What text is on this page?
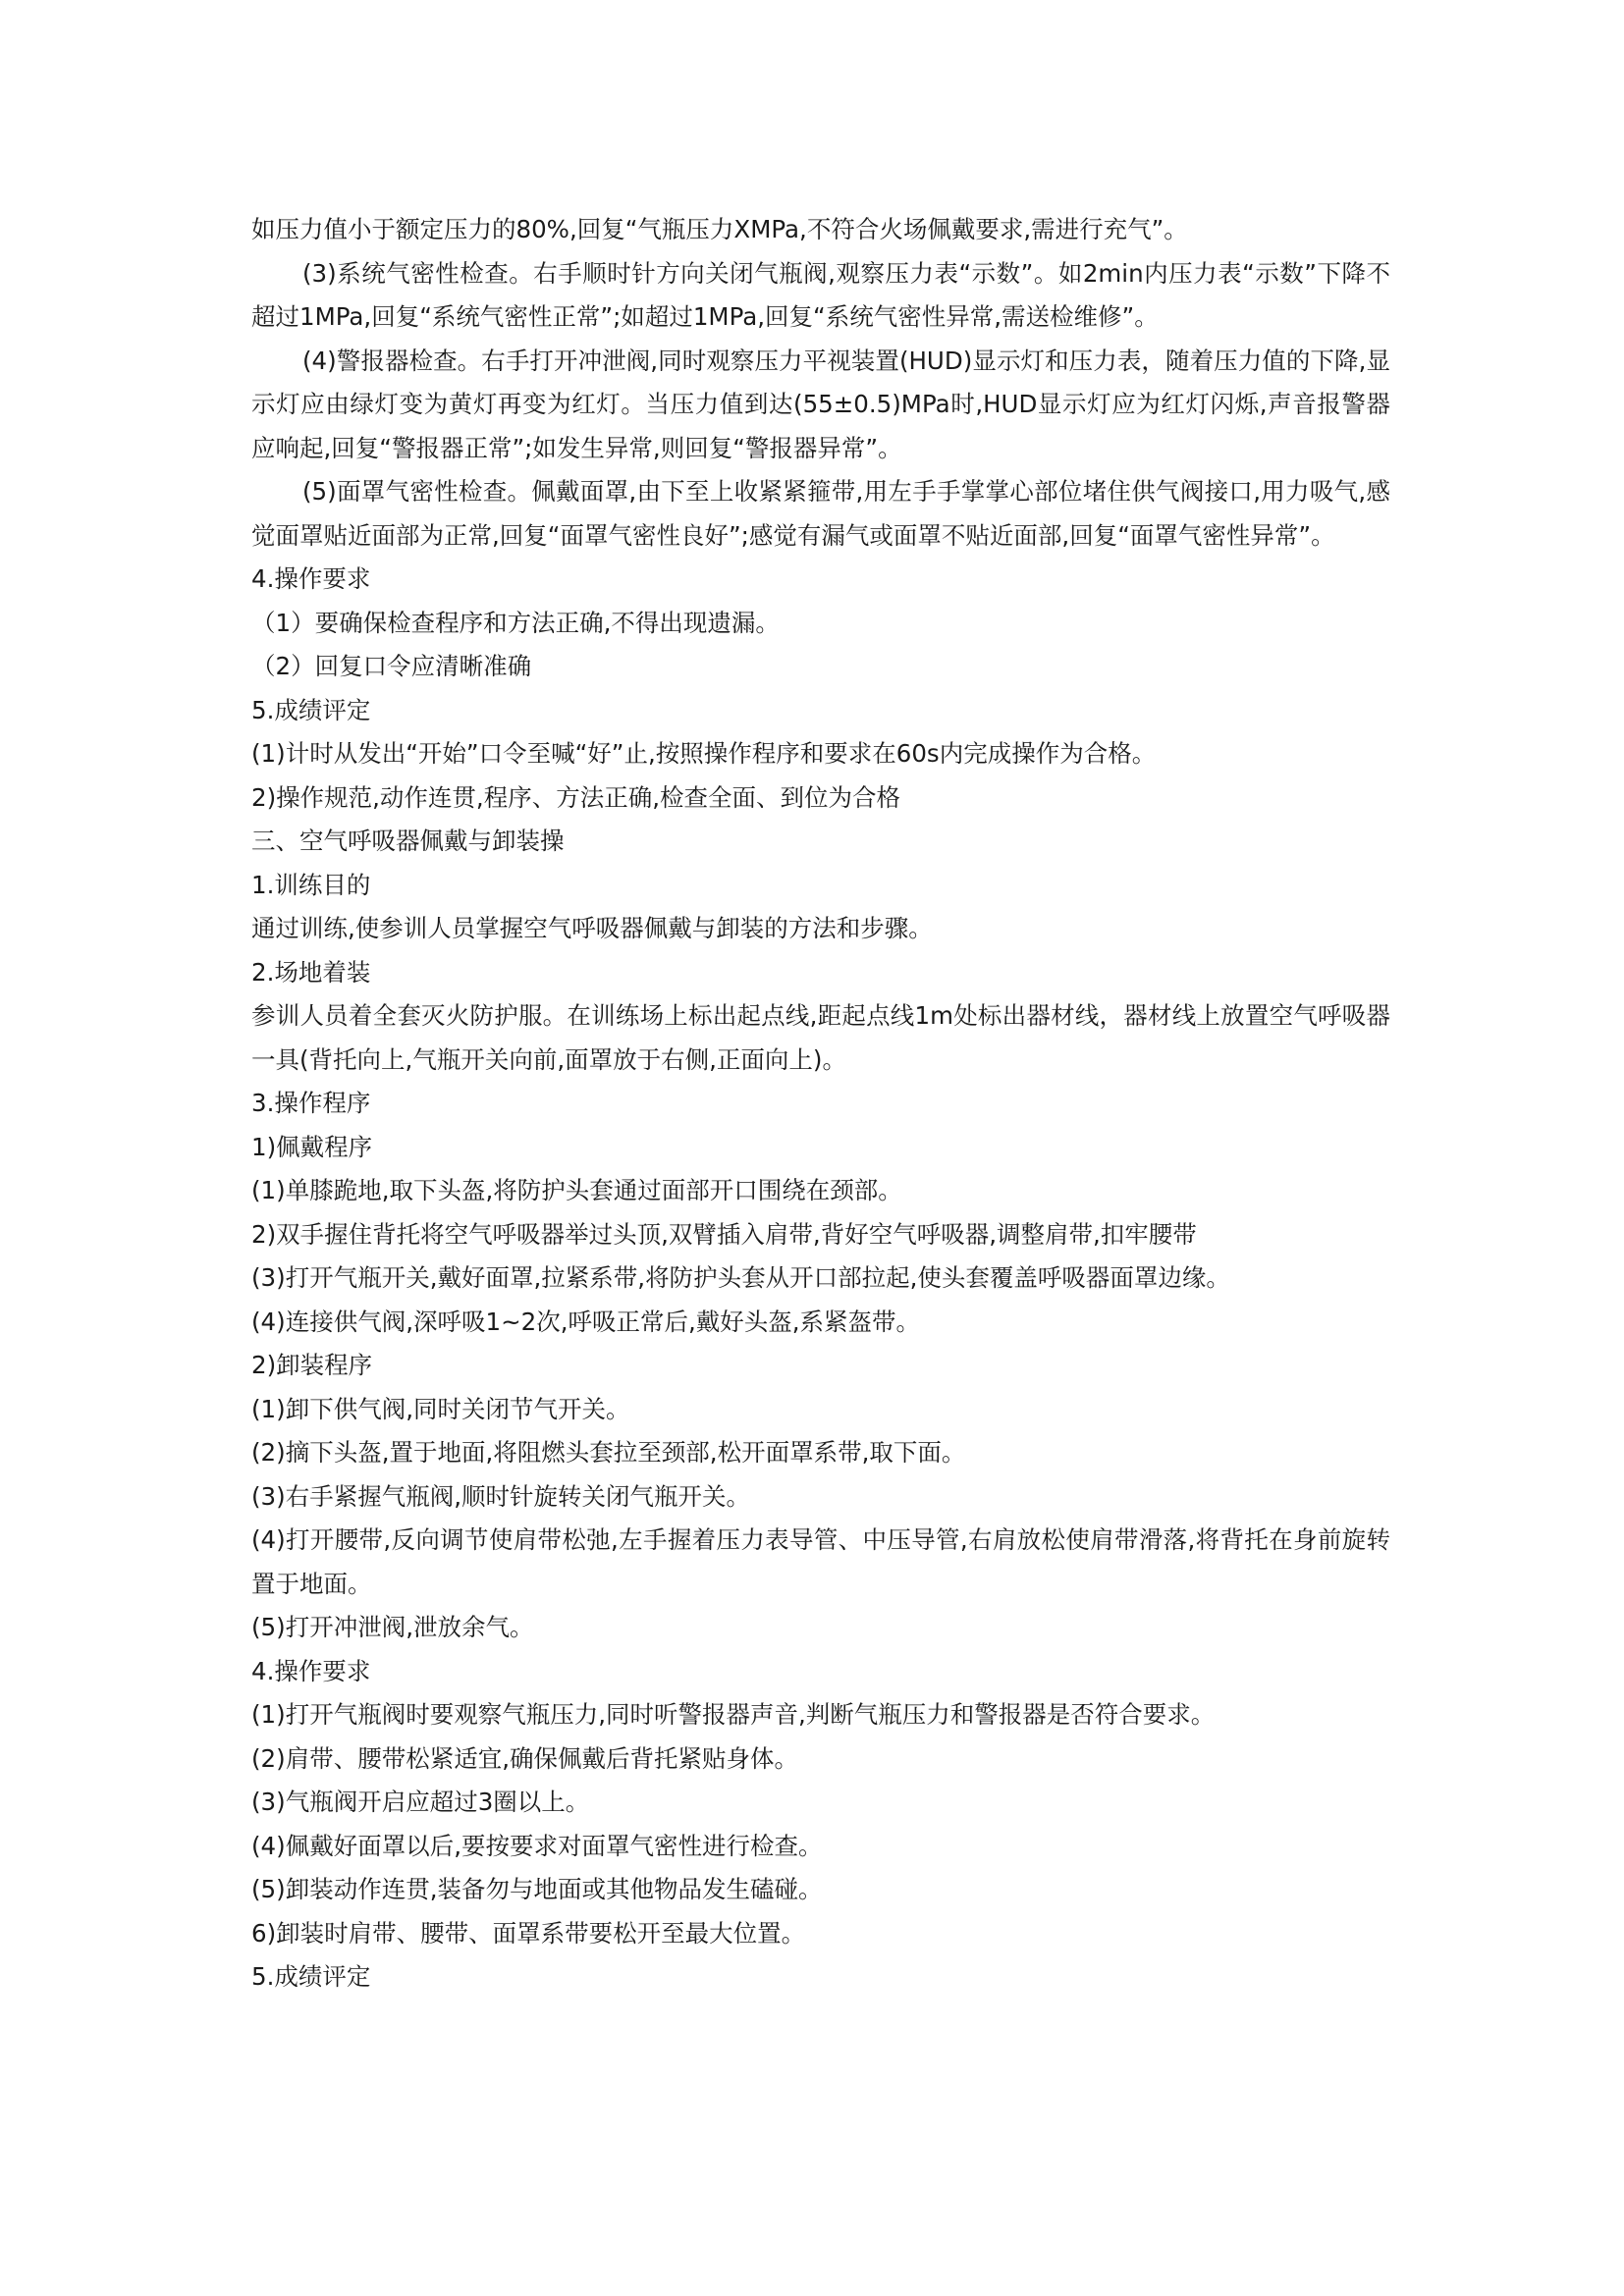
如压力值小于额定压力的80%,回复“气瓶压力XMPa,不符合火场佩戴要求,需进行充气”。

(3)系统气密性检查。右手顺时针方向关闭气瓶阀,观察压力表“示数”。如2min内压力表“示数”下降不超过1MPa,回复“系统气密性正常”;如超过1MPa,回复“系统气密性异常,需送检维修”。

(4)警报器检查。右手打开冲泄阀,同时观察压力平视装置(HUD)显示灯和压力表，随着压力值的下降,显示灯应由绿灯变为黄灯再变为红灯。当压力值到达(55±0.5)MPa时,HUD显示灯应为红灯闪烁,声音报警器应响起,回复“警报器正常”;如发生异常,则回复“警报器异常”。

(5)面罩气密性检查。佩戴面罩,由下至上收紧紧箍带,用左手手掌掌心部位堵住供气阀接口,用力吸气,感觉面罩贴近面部为正常,回复“面罩气密性良好”;感觉有漏气或面罩不贴近面部,回复“面罩气密性异常”。

4.操作要求

（1）要确保检查程序和方法正确,不得出现遗漏。

（2）回复口令应清晰准确

5.成绩评定

(1)计时从发出“开始”口令至喊“好”止,按照操作程序和要求在60s内完成操作为合格。

2)操作规范,动作连贯,程序、方法正确,检查全面、到位为合格

三、空气呼吸器佩戴与卸装操

1.训练目的

通过训练,使参训人员掌握空气呼吸器佩戴与卸装的方法和步骤。

2.场地着装

参训人员着全套灭火防护服。在训练场上标出起点线,距起点线1m处标出器材线，器材线上放置空气呼吸器一具(背托向上,气瓶开关向前,面罩放于右侧,正面向上)。

3.操作程序

1)佩戴程序

(1)单膝跪地,取下头盔,将防护头套通过面部开口围绕在颈部。

2)双手握住背托将空气呼吸器举过头顶,双臂插入肩带,背好空气呼吸器,调整肩带,扣牢腰带

(3)打开气瓶开关,戴好面罩,拉紧系带,将防护头套从开口部拉起,使头套覆盖呼吸器面罩边缘。

(4)连接供气阀,深呼吸1~2次,呼吸正常后,戴好头盔,系紧盔带。

2)卸装程序

(1)卸下供气阀,同时关闭节气开关。

(2)摘下头盔,置于地面,将阻燃头套拉至颈部,松开面罩系带,取下面。

(3)右手紧握气瓶阀,顺时针旋转关闭气瓶开关。

(4)打开腰带,反向调节使肩带松弛,左手握着压力表导管、中压导管,右肩放松使肩带滑落,将背托在身前旋转置于地面。

(5)打开冲泄阀,泄放余气。

4.操作要求

(1)打开气瓶阀时要观察气瓶压力,同时听警报器声音,判断气瓶压力和警报器是否符合要求。

(2)肩带、腰带松紧适宜,确保佩戴后背托紧贴身体。

(3)气瓶阀开启应超过3圈以上。

(4)佩戴好面罩以后,要按要求对面罩气密性进行检查。

(5)卸装动作连贯,装备勿与地面或其他物品发生磕碰。

6)卸装时肩带、腰带、面罩系带要松开至最大位置。

5.成绩评定
